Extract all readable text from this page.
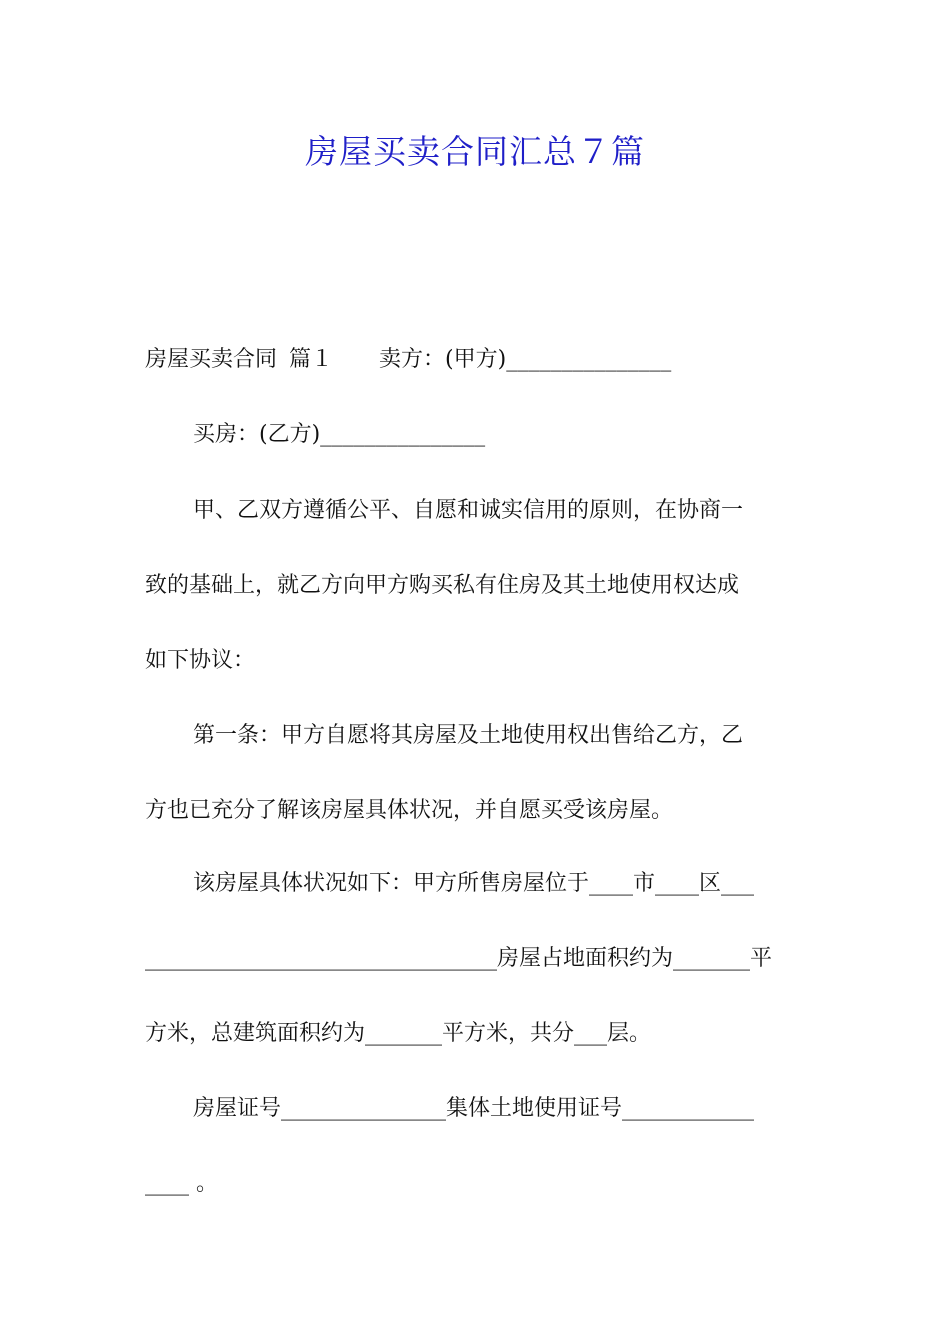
房屋买卖合同汇总７篇
房屋买卖合同 篇１ 卖方：(甲方)_______________
买房：(乙方)_______________
甲、乙双方遵循公平、自愿和诚实信用的原则，在协商一
致的基础上，就乙方向甲方购买私有住房及其土地使用权达成
如下协议：
第一条：甲方自愿将其房屋及土地使用权出售给乙方，乙
方也已充分了解该房屋具体状况，并自愿买受该房屋。
该房屋具体状况如下：甲方所售房屋位于____市____区___
________________________________房屋占地面积约为_______平
方米，总建筑面积约为_______平方米，共分___层。
房屋证号_______________集体土地使用证号____________
____ 。
